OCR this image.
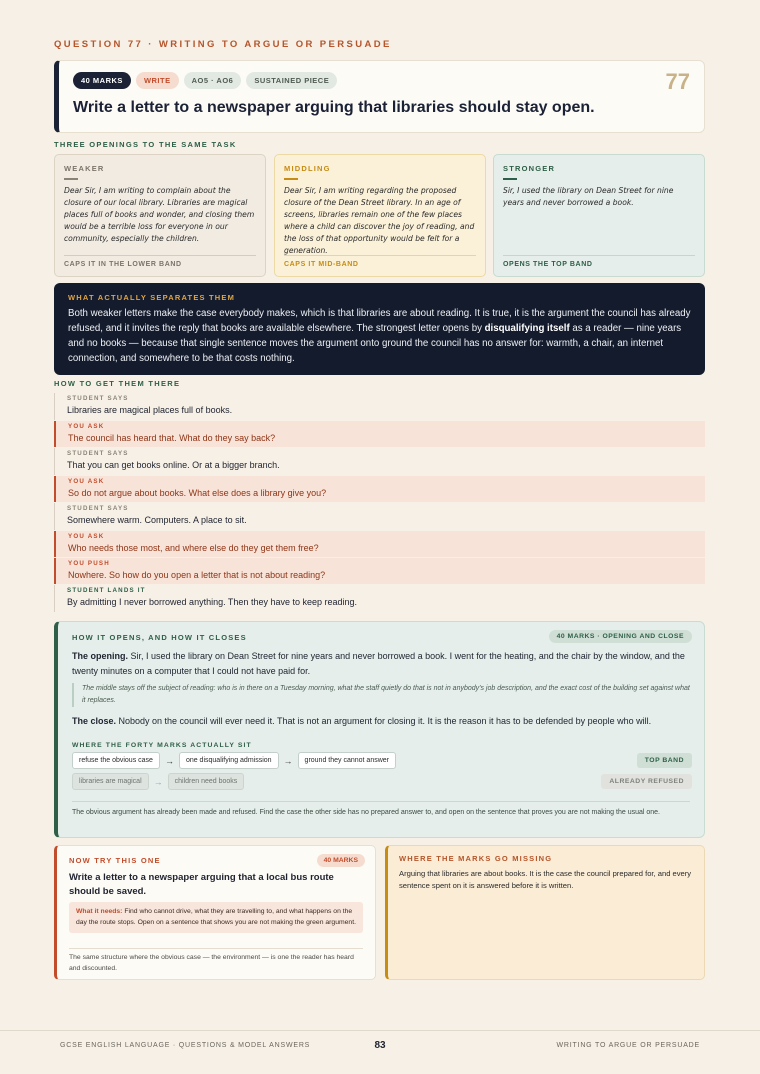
QUESTION 77 · WRITING TO ARGUE OR PERSUADE
40 MARKS	WRITE	AO5 · AO6	SUSTAINED PIECE	77
Write a letter to a newspaper arguing that libraries should stay open.
THREE OPENINGS TO THE SAME TASK
WEAKER
Dear Sir, I am writing to complain about the closure of our local library. Libraries are magical places full of books and wonder, and closing them would be a terrible loss for everyone in our community, especially the children.
CAPS IT IN THE LOWER BAND
MIDDLING
Dear Sir, I am writing regarding the proposed closure of the Dean Street library. In an age of screens, libraries remain one of the few places where a child can discover the joy of reading, and the loss of that opportunity would be felt for a generation.
CAPS IT MID-BAND
STRONGER
Sir, I used the library on Dean Street for nine years and never borrowed a book.
OPENS THE TOP BAND
WHAT ACTUALLY SEPARATES THEM
Both weaker letters make the case everybody makes, which is that libraries are about reading. It is true, it is the argument the council has already refused, and it invites the reply that books are available elsewhere. The strongest letter opens by disqualifying itself as a reader — nine years and no books — because that single sentence moves the argument onto ground the council has no answer for: warmth, a chair, an internet connection, and somewhere to be that costs nothing.
HOW TO GET THEM THERE
STUDENT SAYS
Libraries are magical places full of books.
YOU ASK
The council has heard that. What do they say back?
STUDENT SAYS
That you can get books online. Or at a bigger branch.
YOU ASK
So do not argue about books. What else does a library give you?
STUDENT SAYS
Somewhere warm. Computers. A place to sit.
YOU ASK
Who needs those most, and where else do they get them free?
YOU PUSH
Nowhere. So how do you open a letter that is not about reading?
STUDENT LANDS IT
By admitting I never borrowed anything. Then they have to keep reading.
HOW IT OPENS, AND HOW IT CLOSES	40 MARKS · OPENING AND CLOSE
The opening. Sir, I used the library on Dean Street for nine years and never borrowed a book. I went for the heating, and the chair by the window, and the twenty minutes on a computer that I could not have paid for.
The middle stays off the subject of reading: who is in there on a Tuesday morning, what the staff quietly do that is not in anybody's job description, and the exact cost of the building set against what it replaces.
The close. Nobody on the council will ever need it. That is not an argument for closing it. It is the reason it has to be defended by people who will.
WHERE THE FORTY MARKS ACTUALLY SIT
refuse the obvious case	→	one disqualifying admission	→	ground they cannot answer	TOP BAND
libraries are magical	→	children need books	ALREADY REFUSED
The obvious argument has already been made and refused. Find the case the other side has no prepared answer to, and open on the sentence that proves you are not making the usual one.
NOW TRY THIS ONE	40 MARKS
Write a letter to a newspaper arguing that a local bus route should be saved.
What it needs: Find who cannot drive, what they are travelling to, and what happens on the day the route stops. Open on a sentence that shows you are not making the green argument.
The same structure where the obvious case — the environment — is one the reader has heard and discounted.
WHERE THE MARKS GO MISSING
Arguing that libraries are about books. It is the case the council prepared for, and every sentence spent on it is answered before it is written.
GCSE ENGLISH LANGUAGE · QUESTIONS & MODEL ANSWERS	83	WRITING TO ARGUE OR PERSUADE
